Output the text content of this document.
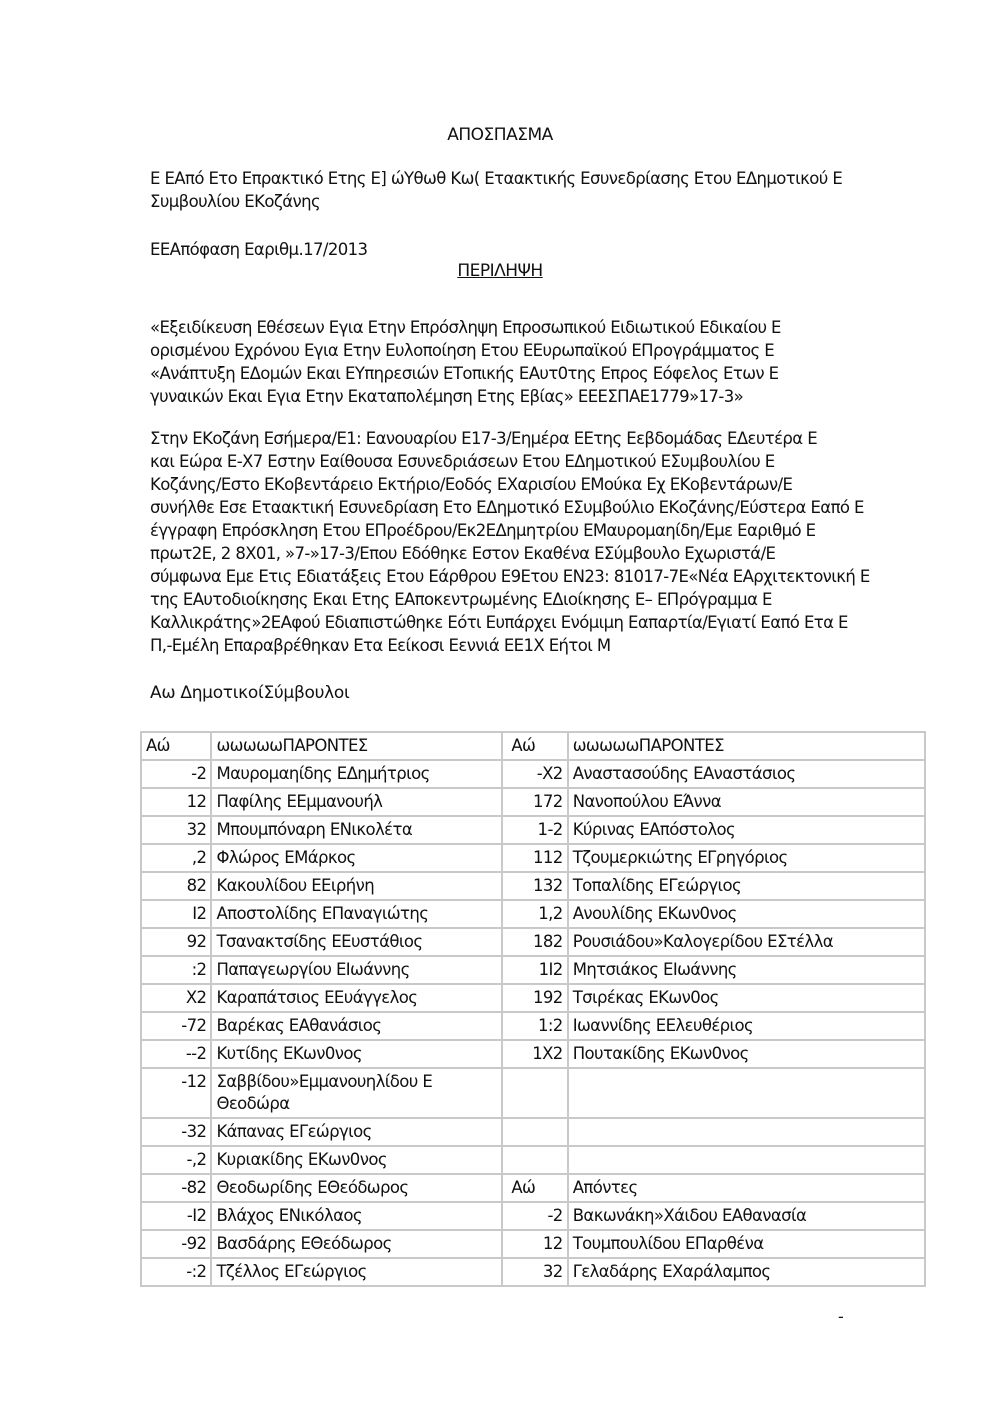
ΑΠΟΣΠΑΣΜΑ
Ε ΕΑπό Ετο Επρακτικό Ετης Ε] ώΥθωθ Κω( Εταακτικής Εσυνεδρίασης Ετου ΕΔημοτικού Ε
Συμβουλίου ΕΚοζάνης
ΕΕΑπόφαση Εαριθμ.17/2013
ΠΕΡΙΛΗΨΗ
«Εξειδίκευση Εθέσεων Εγια Ετην Επρόσληψη Επροσωπικού Ειδιωτικού Εδικαίου Ε
ορισμένου Εχρόνου Εγια Ετην Ευλοποίηση Ετου ΕΕυρωπαϊκού ΕΠρογράμματος Ε
«Ανάπτυξη ΕΔομών Εκαι ΕΥπηρεσιών ΕΤοπικής ΕΑυτ0της Επρος Εόφελος Ετων Ε
γυναικών Εκαι Εγια Ετην Εκαταπολέμηση Ετης Εβίας» ΕΕΕΣΠΑΕ1779»17-3»
Στην ΕΚοζάνη Εσήμερα/Ε1: Εανουαρίου Ε17-3/Εημέρα ΕΕτης Εεβδομάδας ΕΔευτέρα Ε
και Εώρα Ε-Χ7 Εστην Εαίθουσα Εσυνεδριάσεων Ετου ΕΔημοτικού ΕΣυμβουλίου Ε
Κοζάνης/Εστο ΕΚοβεντάρειο Εκτήριο/Εοδός ΕΧαρισίου ΕΜούκα Εχ ΕΚοβεντάρων/Ε
συνήλθε Εσε Εταακτική Εσυνεδρίαση Ετο ΕΔημοτικό ΕΣυμβούλιο ΕΚοζάνης/Εύστερα Εαπό Ε
έγγραφη Επρόσκληση Ετου ΕΠροέδρου/Εκ2ΕΔημητρίου ΕΜαυρομαηίδη/Εμε Εαριθμό Ε
πρωτ2Ε, 2 8Χ01, »7-»17-3/Επου Εδόθηκε Εστον Εκαθένα ΕΣύμβουλο Εχωριστά/Ε
σύμφωνα Εμε Ετις Εδιατάξεις Ετου Εάρθρου Ε9Ετου ΕΝ23: 81017-7Ε«Νέα ΕΑρχιτεκτονική Ε
της ΕΑυτοδιοίκησης Εκαι Ετης ΕΑποκεντρωμένης ΕΔιοίκησης Ε– ΕΠρόγραμμα Ε
Καλλικράτης»2ΕΑφού Εδιαπιστώθηκε Εότι Ευπάρχει Ενόμιμη Εαπαρτία/Εγιατί Εαπό Ετα Ε
Π,-Εμέλη Επαραβρέθηκαν Ετα Εείκοσι Εεννιά ΕΕ1Χ Εήτοι Μ
Αω ΔημοτικοίΣύμβουλοι
Αώ	ωωωωωΠΑΡΟΝΤΕΣ	Αώ	ωωωωωΠΑΡΟΝΤΕΣ
-2	Μαυρομαηίδης ΕΔημήτριος	-Χ2	Αναστασούδης ΕΑναστάσιος
12	Παφίλης ΕΕμμανουήλ	172	Νανοπούλου ΕΆννα
32	Μπουμπόναρη ΕΝικολέτα	1-2	Κύρινας ΕΑπόστολος
,2	Φλώρος ΕΜάρκος	112	Τζουμερκιώτης ΕΓρηγόριος
82	Κακουλίδου ΕΕιρήνη	132	Τοπαλίδης ΕΓεώργιος
Ι2	Αποστολίδης ΕΠαναγιώτης	1,2	Ανουλίδης ΕΚων0νος
92	Τσανακτσίδης ΕΕυστάθιος	182	Ρουσιάδου»Καλογερίδου ΕΣτέλλα
:2	Παπαγεωργίου ΕΙωάννης	1Ι2	Μητσιάκος ΕΙωάννης
Χ2	Καραπάτσιος ΕΕυάγγελος	192	Τσιρέκας ΕΚων0ος
-72	Βαρέκας ΕΑθανάσιος	1:2	Ιωαννίδης ΕΕλευθέριος
--2	Κυτίδης ΕΚων0νος	1Χ2	Πουτακίδης ΕΚων0νος
-12	Σαββίδου»Εμμανουηλίδου Ε
Θεοδώρα		

-32	Κάπανας ΕΓεώργιος		
-,2	Κυριακίδης ΕΚων0νος		
-82	Θεοδωρίδης ΕΘεόδωρος	Αώ	Απόντες
-Ι2	Βλάχος ΕΝικόλαος	-2	Βακωνάκη»Χάιδου ΕΑθανασία
-92	Βασδάρης ΕΘεόδωρος	12	Τουμπουλίδου ΕΠαρθένα
-:2	Τζέλλος ΕΓεώργιος	32	Γελαδάρης ΕΧαράλαμπος
-
